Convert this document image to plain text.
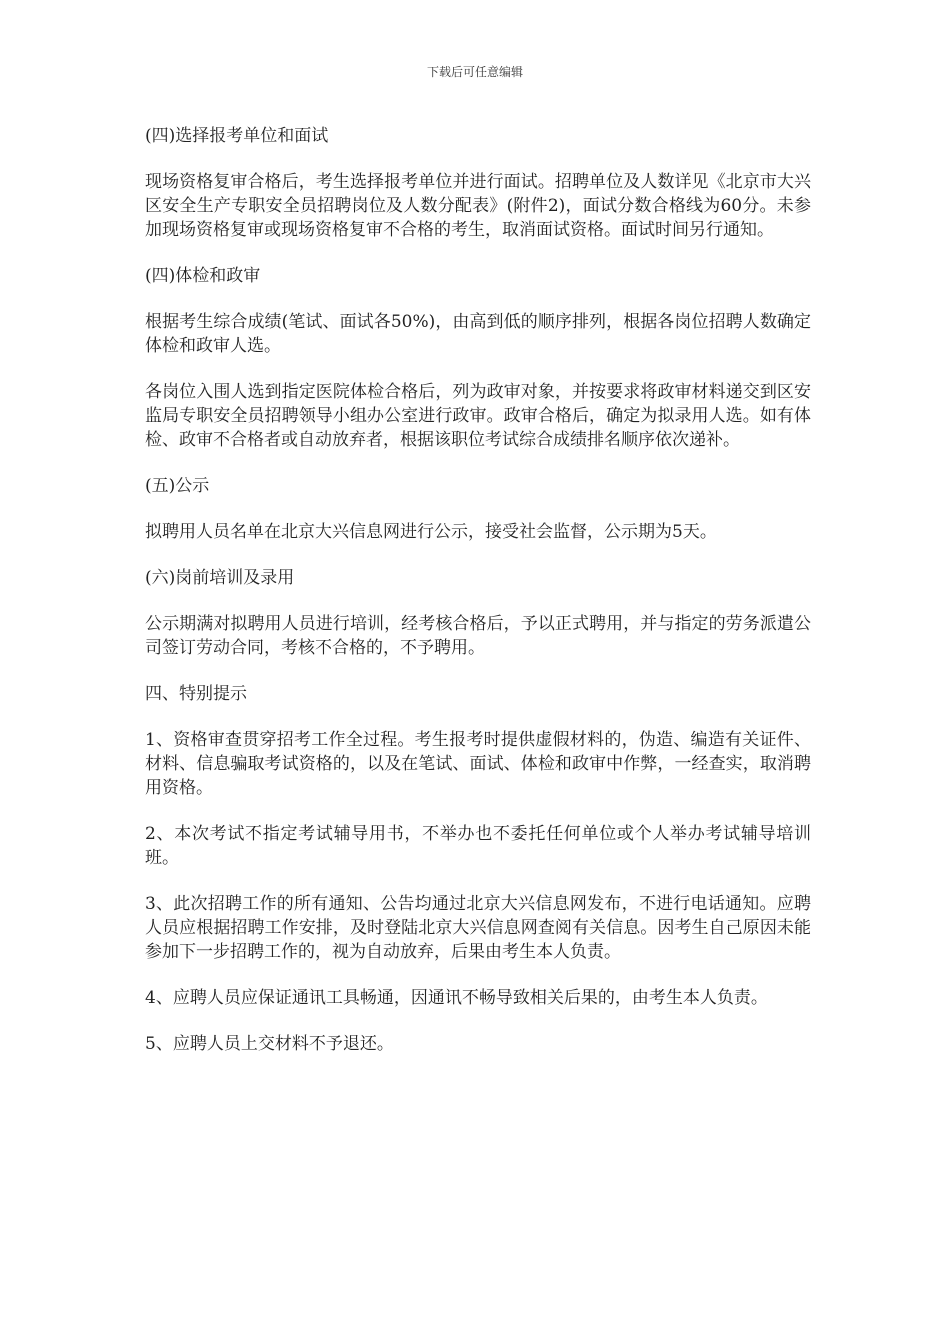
下载后可任意编辑

(四)选择报考单位和面试

现场资格复审合格后，考生选择报考单位并进行面试。招聘单位及人数详见《北京市大兴区安全生产专职安全员招聘岗位及人数分配表》(附件2)，面试分数合格线为60分。未参加现场资格复审或现场资格复审不合格的考生，取消面试资格。面试时间另行通知。

(四)体检和政审

根据考生综合成绩(笔试、面试各50%)，由高到低的顺序排列，根据各岗位招聘人数确定体检和政审人选。

各岗位入围人选到指定医院体检合格后，列为政审对象，并按要求将政审材料递交到区安监局专职安全员招聘领导小组办公室进行政审。政审合格后，确定为拟录用人选。如有体检、政审不合格者或自动放弃者，根据该职位考试综合成绩排名顺序依次递补。

(五)公示

拟聘用人员名单在北京大兴信息网进行公示，接受社会监督，公示期为5天。

(六)岗前培训及录用

公示期满对拟聘用人员进行培训，经考核合格后，予以正式聘用，并与指定的劳务派遣公司签订劳动合同，考核不合格的，不予聘用。

四、特别提示

1、资格审查贯穿招考工作全过程。考生报考时提供虚假材料的，伪造、编造有关证件、材料、信息骗取考试资格的，以及在笔试、面试、体检和政审中作弊，一经查实，取消聘用资格。

2、本次考试不指定考试辅导用书，不举办也不委托任何单位或个人举办考试辅导培训班。

3、此次招聘工作的所有通知、公告均通过北京大兴信息网发布，不进行电话通知。应聘人员应根据招聘工作安排，及时登陆北京大兴信息网查阅有关信息。因考生自己原因未能参加下一步招聘工作的，视为自动放弃，后果由考生本人负责。

4、应聘人员应保证通讯工具畅通，因通讯不畅导致相关后果的，由考生本人负责。

5、应聘人员上交材料不予退还。
